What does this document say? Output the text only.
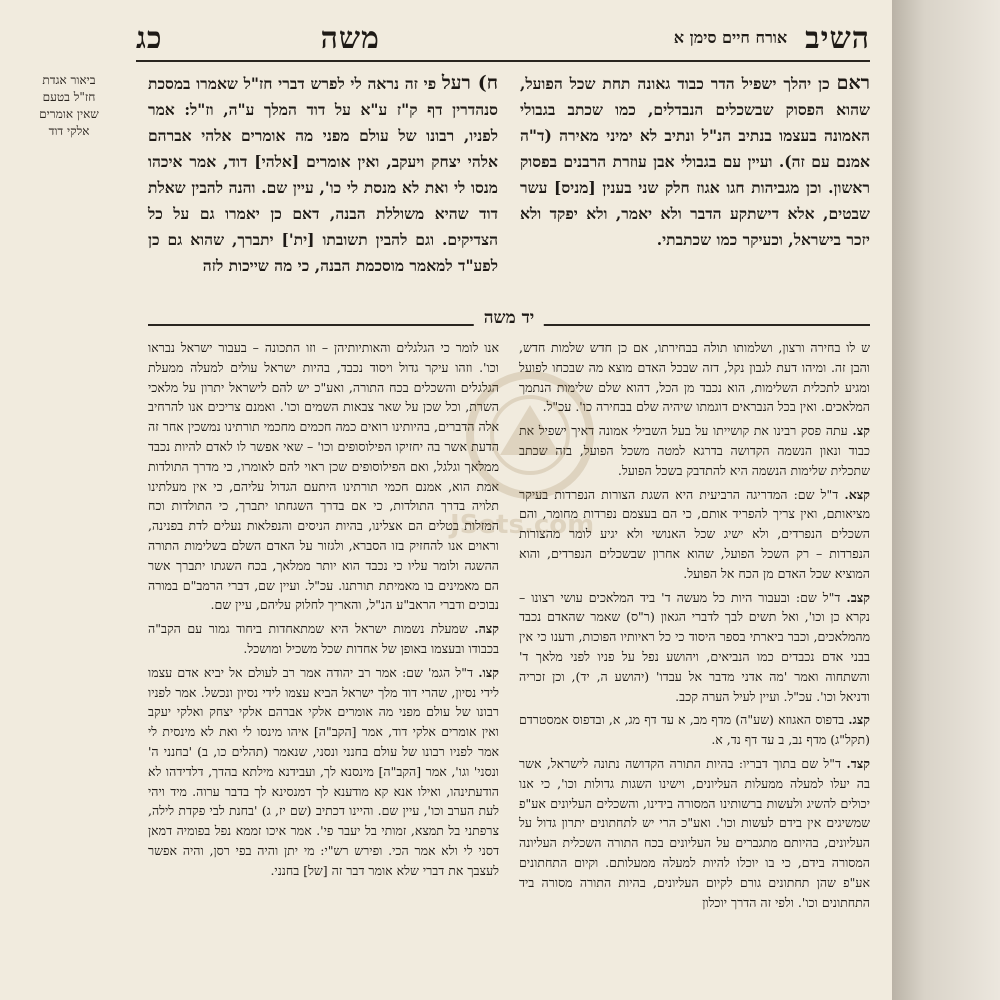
השיב
אורח חיים סימן א
משה
כג

ראם כן יהלך ישפיל הדר כבוד גאונה תחת שכל הפועל, שהוא הפסוק שבשכלים הנבדלים, כמו שכתב בגבולי האמונה בעצמו בנתיב הנ"ל ונתיב לא ימיני מאירה (ד"ה אמנם עם זה). ועיין עם בגבולי אבן עוזרת הרבנים בפסוק ראשון. וכן מגביהות חגו אגוז חלק שני בענין [מניס] עשר שבטים, אלא דישתקע הדבר ולא יאמר, ולא יפקד ולא יזכר בישראל, וכעיקר כמו שכתבתי.

ח) רעל פי זה נראה לי לפרש דברי חז"ל שאמרו במסכת סנהדרין דף ק"ז ע"א על דוד המלך ע"ה, וז"ל: אמר לפניו, רבונו של עולם מפני מה אומרים אלהי אברהם אלהי יצחק ויעקב, ואין אומרים [אלהי] דוד, אמר איכהו מנסו לי ואת לא מנסת לי כו', עיין שם. והנה להבין שאלת דוד שהיא משוללת הבנה, דאם כן יאמרו גם על כל הצדיקים. וגם להבין תשובתו [ית'] יתברך, שהוא גם כן לפע"ד למאמר מוסכמת הבנה, כי מה שייכות לזה

ביאור אגדת
חז"ל בטעם
שאין אומרים
אלקי דוד
יד משה

ש לו בחירה ורצון, ושלמותו תולה בבחירתו, אם כן חדש שלמות חדש, והבן זה. ומיהו דעת לגבון נקל, דזה שבכל האדם מוצא מה שבכחו לפועל ומגיע לתכלית השלימות, הוא נכבד מן הכל, דהוא שלם שלימות הנתמך המלאכים. ואין בכל הנבראים דוגמתו שיהיה שלם בבחירה כו'. עכ"ל.

קצ. עתה פסק רבינו את קושייתו על בעל השבילי אמונה דאיך ישפיל את כבוד ונאון הנשמה הקדושה בדרגא למטה משכל הפועל, בזה שכתב שתכלית שלימות הנשמה היא להתדבק בשכל הפועל.

קצא. ד"ל שם: המדריגה הרביעית היא השגת הצורות הנפרדות בעיקר מציאותם, ואין צריך להפריד אותם, כי הם בעצמם נפרדות מחומר, והם השכלים הנפרדים, ולא ישיג שכל האנושי ולא יגיע לומר מהצורות הנפרדות – רק השכל הפועל, שהוא אחרון שבשכלים הנפרדים, והוא המוציא שכל האדם מן הכח אל הפועל.

קצב. ד"ל שם: ובעבור היות כל מעשה ד' ביד המלאכים עושי רצונו – נקרא כן וכו', ואל תשים לבך לדברי הגאון (ר"ס) שאמר שהאדם נכבד מהמלאכים, וכבר ביארתי בספר היסוד כי כל ראיותיו הפוכות, ודענו כי אין בבני אדם נכבדים כמו הנביאים, ויהושע נפל על פניו לפני מלאך ד' והשתחוה ואמר 'מה אדני מדבר אל עבדו' (יהושע ה, יד), וכן זכריה ודניאל וכו'. עכ"ל. ועיין לעיל הערה קכב.

קצג. בדפוס האגוזא (שע"ה) מדף מב, א עד דף מג, א, ובדפוס אמסטרדם (תקל"ג) מדף נב, ב עד דף נד, א.

קצד. ד"ל שם בתוך דבריו: בהיות התורה הקדושה נתונה לישראל, אשר בה יעלו למעלה ממעלות העליונים, וישינו השגות גדולות וכו', כי אנו יכולים להשיג ולעשות ברשותינו המסורה בידינו, והשכלים העליונים אע"פ שמשיגים אין בידם לעשות וכו'. ואע"כ הרי יש לתחתונים יתרון גדול על העליונים, בהיותם מתגברים על העליונים בכח התורה השכלית העליונה המסורה בידם, כי בו יוכלו להיות למעלה ממעלותם. וקיום התחתונים אע"פ שהן תחתונים גורם לקיום העליונים, בהיות התורה מסורה ביד התחתונים וכו'. ולפי זה הדרך יוכלון

אנו לומר כי הגלגלים והאותיותיהן – וזו התכונה – בעבור ישראל נבראו וכו'. וזהו עיקר גדול ויסוד נכבד, בהיות ישראל עולים למעלה ממעלת הגלגלים והשכלים בכח התורה, ואע"כ יש להם לישראל יתרון על מלאכי השרת, וכל שכן על שאר צבאות השמים וכו'. ואמנם צריכים אנו להרחיב אלה הדברים, בהיותינו רואים כמה חכמים מחכמי תורתינו נמשכין אחר זה הדעת אשר בה יחזיקו הפילוסופים וכו' – שאי אפשר לו לאדם להיות נכבד ממלאך וגלגל, ואם הפילוסופים שכן ראוי להם לאומרו, כי מדרך התולדות אמת הוא, אמנם חכמי תורתינו היתעם הגדול עליהם, כי אין מעלתינו תלויה בדרך התולדות, כי אם בדרך השגחתו יתברך, כי התולדות וכח המזלות בטלים הם אצלינו, בהיות הניסים והנפלאות נעלים לדת בפנינה, וראוים אנו להחזיק בזו הסברא, ולגזור על האדם השלם בשלימות התורה ההשגה ולומר עליו כי נכבד הוא יותר ממלאך, בכח השגתו יתברך אשר הם מאמינים בו מאמיתת תורתנו. עכ"ל. ועיין שם, דברי הרמב"ם במורה נבוכים ודברי הראב"ע הנ"ל, והאריך לחלוק עליהם, עיין שם.

קצה. שמעלת נשמות ישראל היא שמתאחדות ביחוד גמור עם הקב"ה בכבודו ובעצמו באופן של אחדות שכל משכיל ומושכל.

קצו. ד"ל הגמ' שם: אמר רב יהודה אמר רב לעולם אל יביא אדם עצמו לידי נסיון, שהרי דוד מלך ישראל הביא עצמו לידי נסיון ונכשל. אמר לפניו רבונו של עולם מפני מה אומרים אלקי אברהם אלקי יצחק ואלקי יעקב ואין אומרים אלקי דוד, אמר [הקב"ה] איהו מינסו לי ואת לא מינסית לי אמר לפניו רבונו של עולם בחנני ונסני, שנאמר (תהלים כו, ב) 'בחנני ה' ונסני' וגו', אמר [הקב"ה] מינסנא לך, ועבידנא מילתא בהדך, דלדידהו לא הודעתינהו, ואילו אנא קא מודענא לך דמנסינא לך בדבר ערוה. מיד ויהי לעת הערב וכו', עיין שם. והיינו דכתיב (שם יז, ג) 'בחנת לבי פקדת לילה, צרפתני בל תמצא, זמותי בל יעבר פי'. אמר איכו זממא נפל בפומיה דמאן דסני לי ולא אמר הכי. ופירש רש"י: מי יתן והיה בפי רסן, והיה אפשר לעצבך את דברי שלא אומר דבר זה [של] בחנני.

JSets.com
